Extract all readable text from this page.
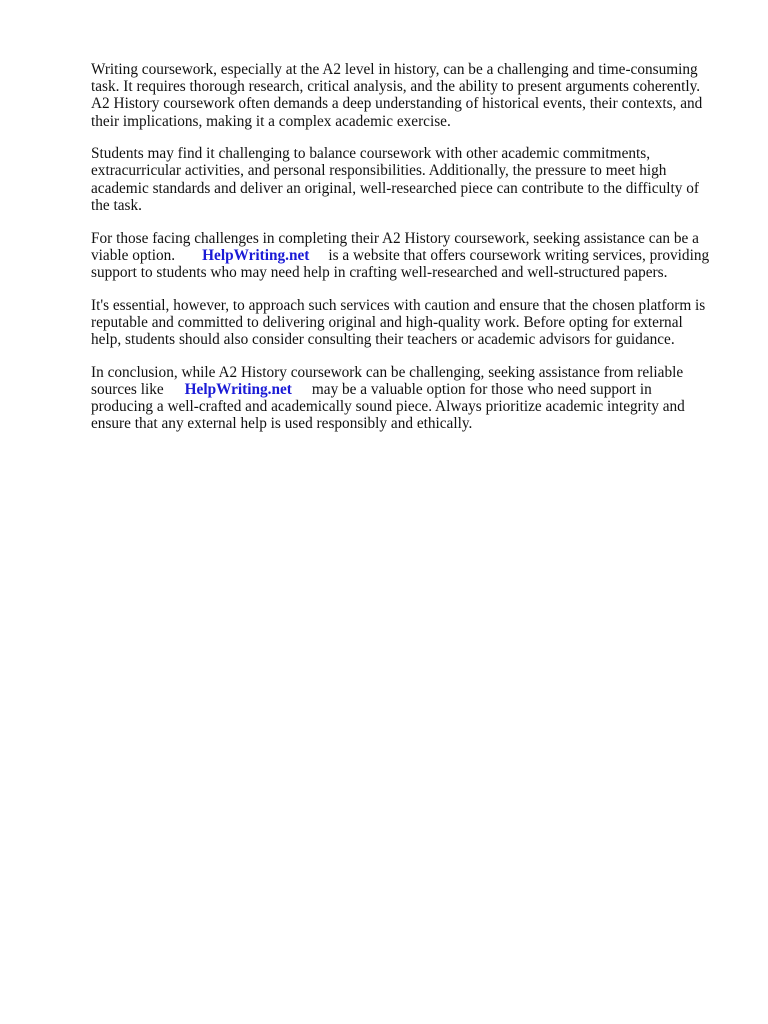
Writing coursework, especially at the A2 level in history, can be a challenging and time-consuming
task. It requires thorough research, critical analysis, and the ability to present arguments coherently.
A2 History coursework often demands a deep understanding of historical events, their contexts, and
their implications, making it a complex academic exercise.

Students may find it challenging to balance coursework with other academic commitments,
extracurricular activities, and personal responsibilities. Additionally, the pressure to meet high
academic standards and deliver an original, well-researched piece can contribute to the difficulty of
the task.

For those facing challenges in completing their A2 History coursework, seeking assistance can be a
viable option. HelpWriting.net is a website that offers coursework writing services, providing
support to students who may need help in crafting well-researched and well-structured papers.

It's essential, however, to approach such services with caution and ensure that the chosen platform is
reputable and committed to delivering original and high-quality work. Before opting for external
help, students should also consider consulting their teachers or academic advisors for guidance.

In conclusion, while A2 History coursework can be challenging, seeking assistance from reliable
sources like HelpWriting.net may be a valuable option for those who need support in
producing a well-crafted and academically sound piece. Always prioritize academic integrity and
ensure that any external help is used responsibly and ethically.
